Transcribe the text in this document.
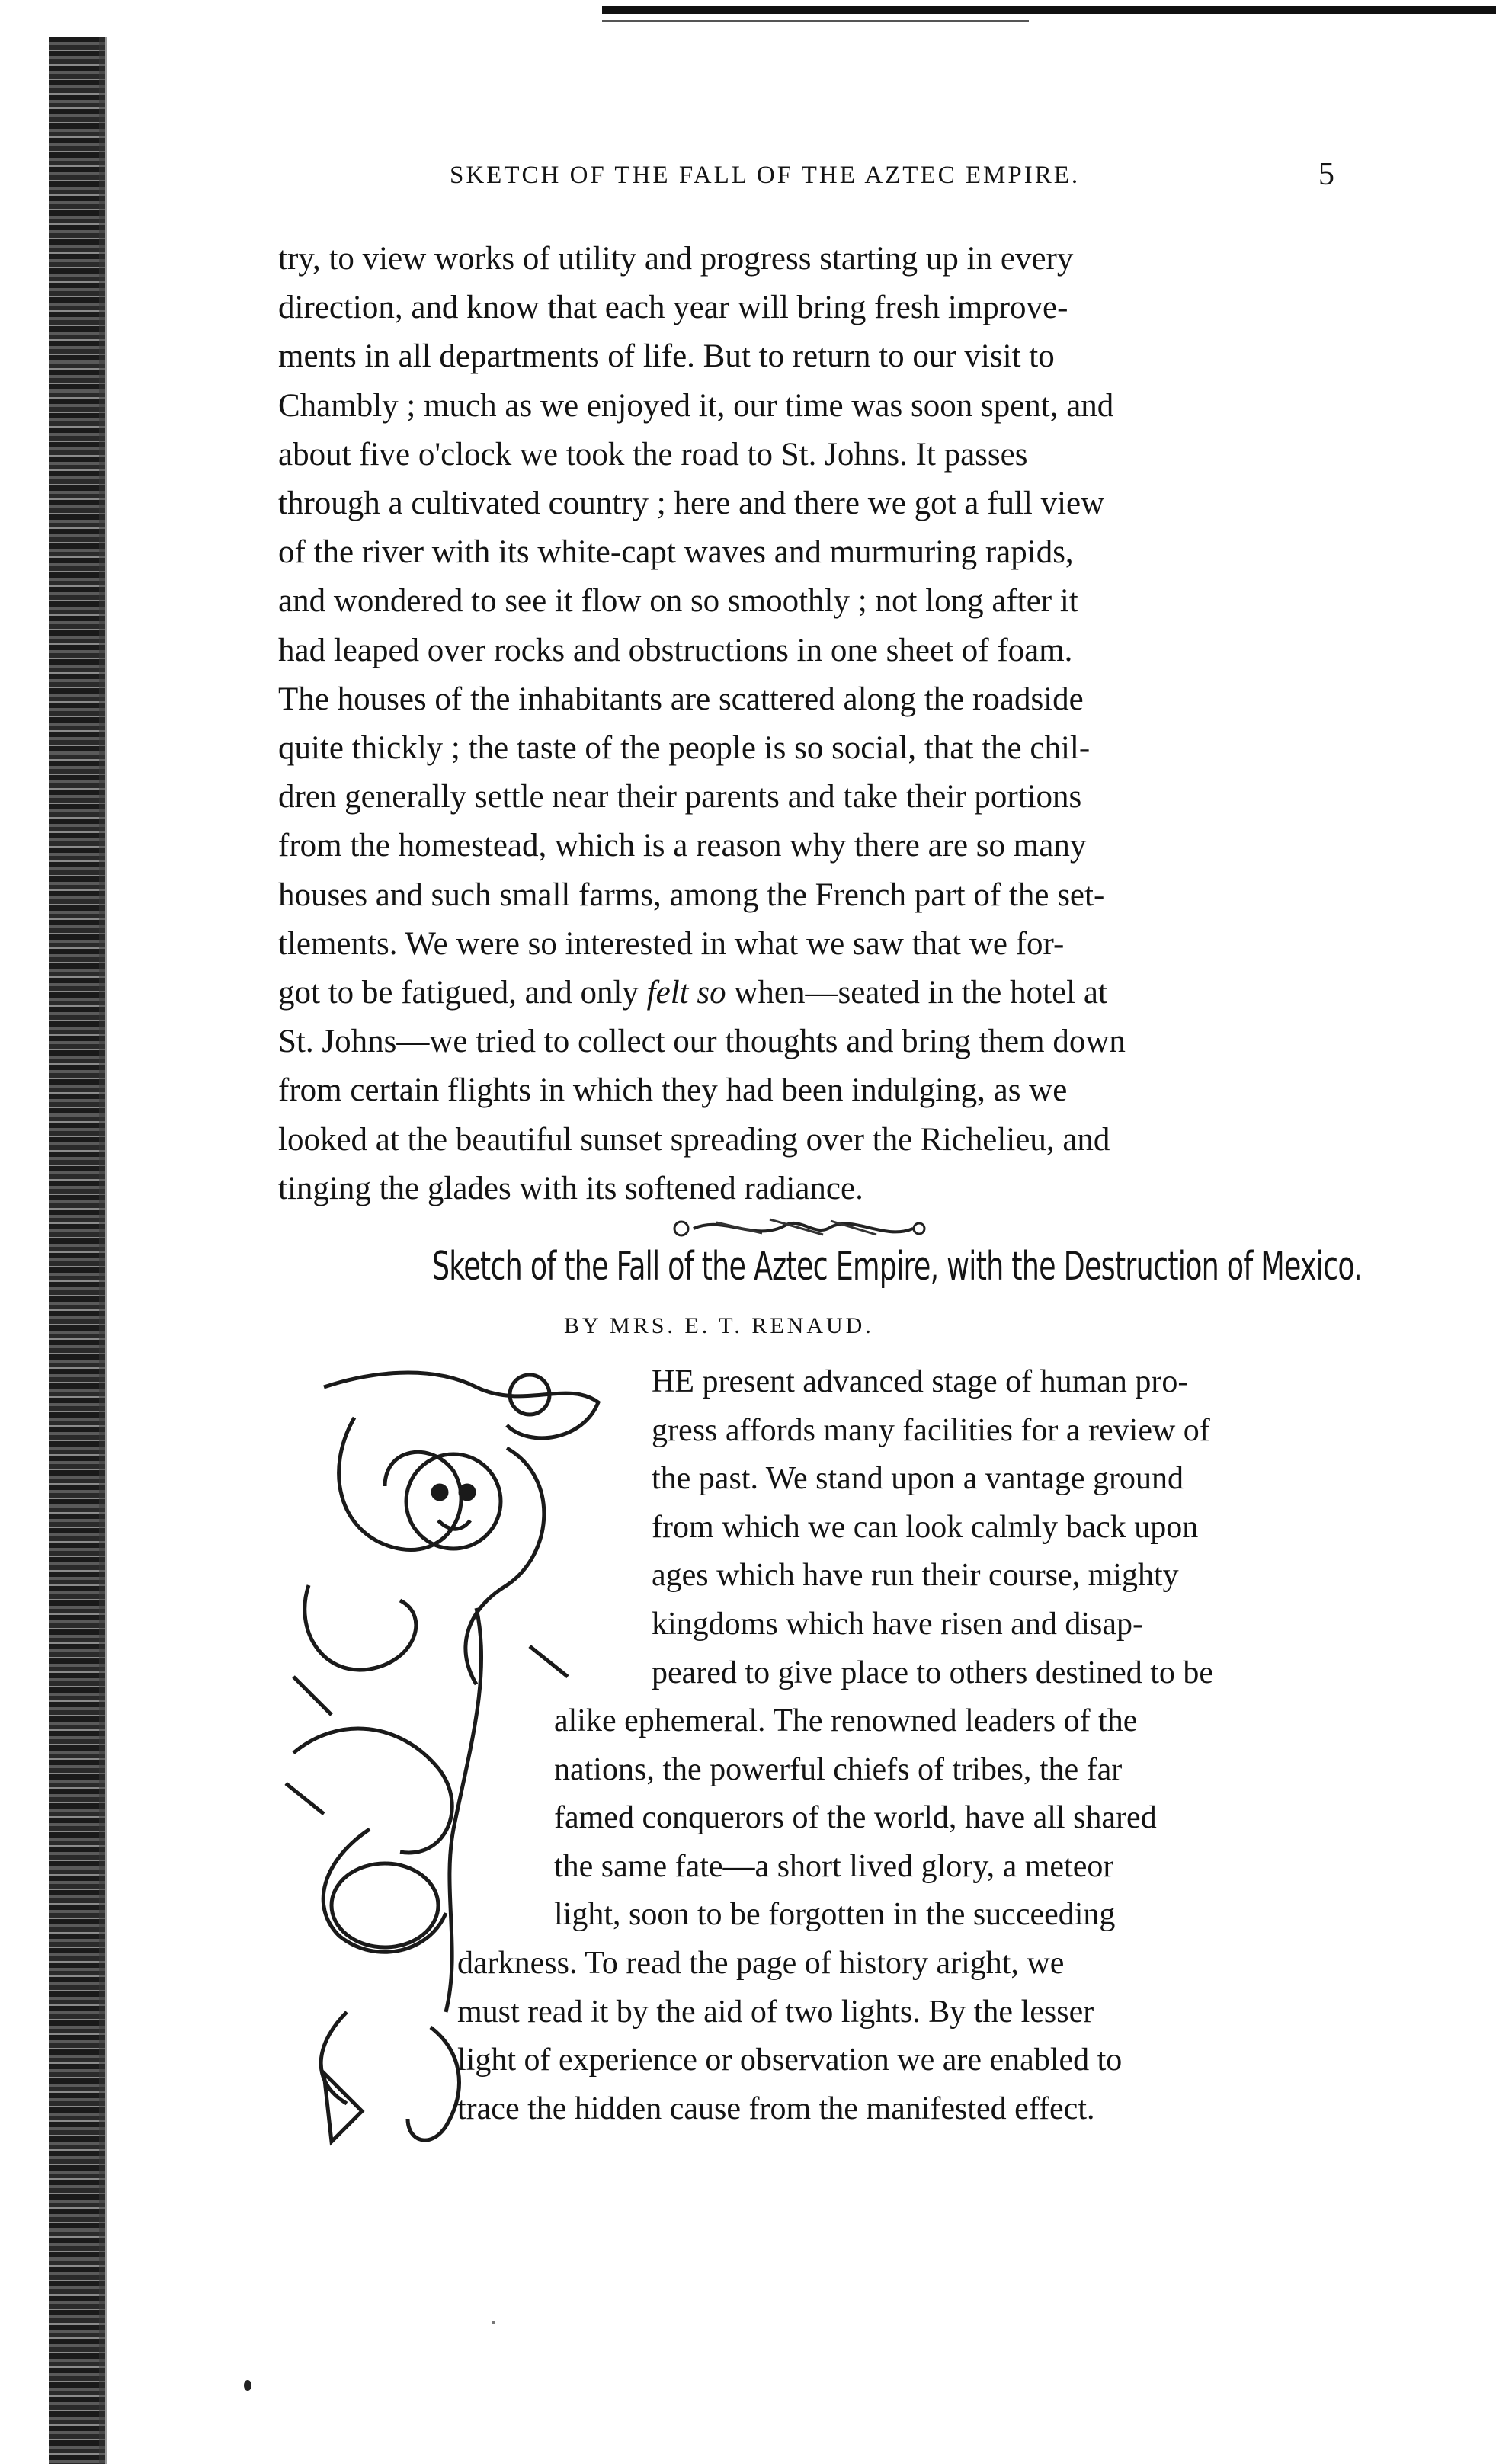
SKETCH OF THE FALL OF THE AZTEC EMPIRE.	5
try, to view works of utility and progress starting up in every
direction, and know that each year will bring fresh improve-
ments in all departments of life. But to return to our visit to
Chambly ; much as we enjoyed it, our time was soon spent, and
about five o'clock we took the road to St. Johns. It passes
through a cultivated country ; here and there we got a full view
of the river with its white-capt waves and murmuring rapids,
and wondered to see it flow on so smoothly ; not long after it
had leaped over rocks and obstructions in one sheet of foam.
The houses of the inhabitants are scattered along the roadside
quite thickly ; the taste of the people is so social, that the chil-
dren generally settle near their parents and take their portions
from the homestead, which is a reason why there are so many
houses and such small farms, among the French part of the set-
tlements. We were so interested in what we saw that we for-
got to be fatigued, and only
felt so
when—seated in the hotel at
St. Johns—we tried to collect our thoughts and bring them down
from certain flights in which they had been indulging, as we
looked at the beautiful sunset spreading over the Richelieu, and
tinging the glades with its softened radiance.
Sketch of the Fall of the Aztec Empire, with the Destruction of Mexico.
BY MRS. E. T. RENAUD.
HE present advanced stage of human pro-
gress affords many facilities for a review of
the past. We stand upon a vantage ground
from which we can look calmly back upon
ages which have run their course, mighty
kingdoms which have risen and disap-
peared to give place to others destined to be
alike ephemeral. The renowned leaders of the
nations, the powerful chiefs of tribes, the far
famed conquerors of the world, have all shared
the same fate—a short lived glory, a meteor
light, soon to be forgotten in the succeeding
darkness. To read the page of history aright, we
must read it by the aid of two lights. By the lesser
light of experience or observation we are enabled to
trace the hidden cause from the manifested effect.
